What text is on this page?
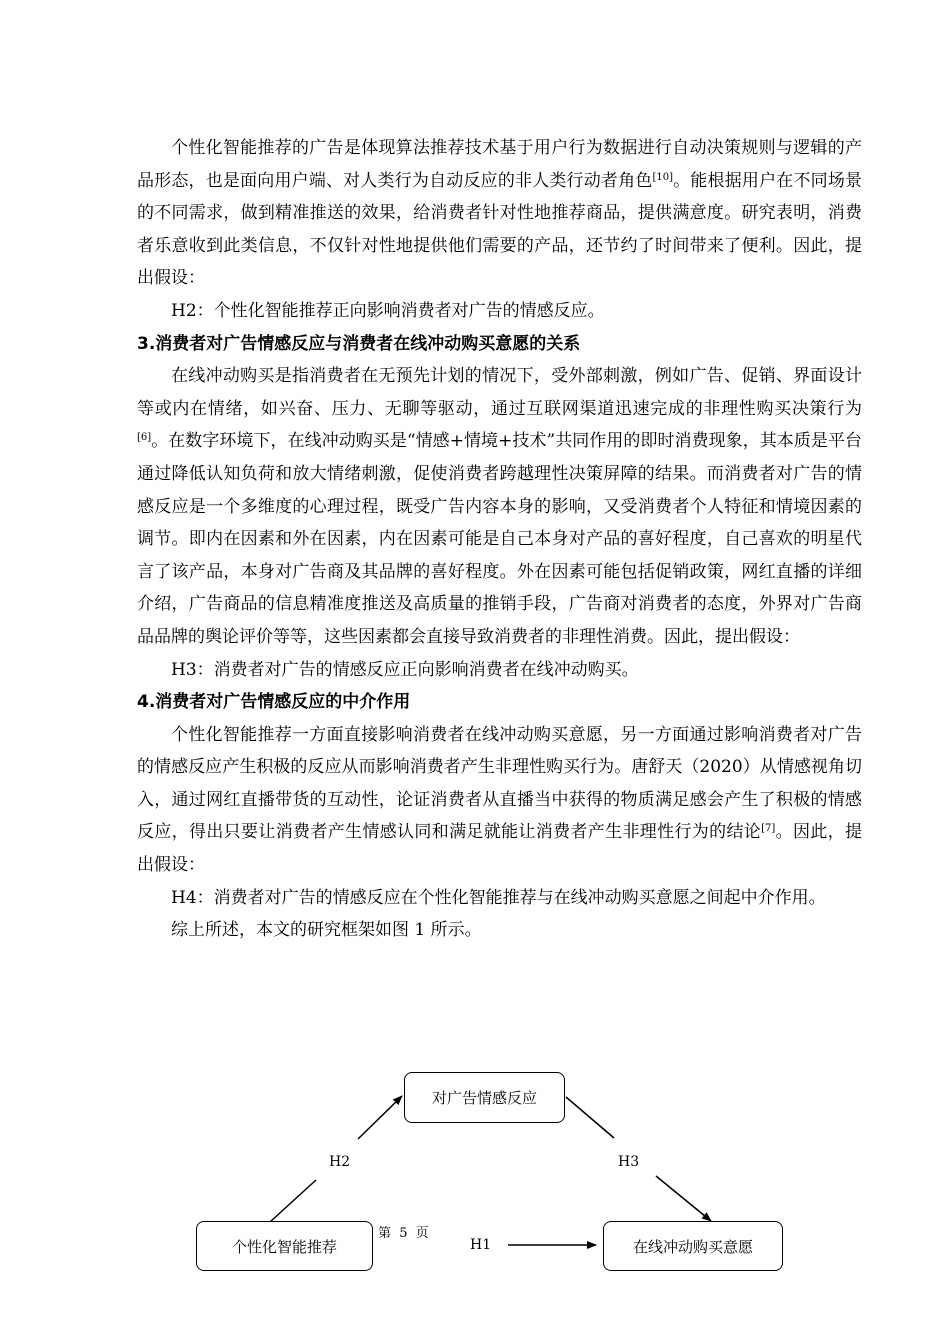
个性化智能推荐的广告是体现算法推荐技术基于用户行为数据进行自动决策规则与逻辑的产品形态，也是面向用户端、对人类行为自动反应的非人类行动者角色[10]。能根据用户在不同场景的不同需求，做到精准推送的效果，给消费者针对性地推荐商品，提供满意度。研究表明，消费者乐意收到此类信息，不仅针对性地提供他们需要的产品，还节约了时间带来了便利。因此，提出假设：

H2：个性化智能推荐正向影响消费者对广告的情感反应。

3.消费者对广告情感反应与消费者在线冲动购买意愿的关系

在线冲动购买是指消费者在无预先计划的情况下，受外部刺激，例如广告、促销、界面设计等或内在情绪，如兴奋、压力、无聊等驱动，通过互联网渠道迅速完成的非理性购买决策行为[6]。在数字环境下，在线冲动购买是“情感+情境+技术”共同作用的即时消费现象，其本质是平台通过降低认知负荷和放大情绪刺激，促使消费者跨越理性决策屏障的结果。而消费者对广告的情感反应是一个多维度的心理过程，既受广告内容本身的影响，又受消费者个人特征和情境因素的调节。即内在因素和外在因素，内在因素可能是自己本身对产品的喜好程度，自己喜欢的明星代言了该产品，本身对广告商及其品牌的喜好程度。外在因素可能包括促销政策，网红直播的详细介绍，广告商品的信息精准度推送及高质量的推销手段，广告商对消费者的态度，外界对广告商品品牌的舆论评价等等，这些因素都会直接导致消费者的非理性消费。因此，提出假设：

H3：消费者对广告的情感反应正向影响消费者在线冲动购买。

4.消费者对广告情感反应的中介作用

个性化智能推荐一方面直接影响消费者在线冲动购买意愿，另一方面通过影响消费者对广告的情感反应产生积极的反应从而影响消费者产生非理性购买行为。唐舒天（2020）从情感视角切入，通过网红直播带货的互动性，论证消费者从直播当中获得的物质满足感会产生了积极的情感反应，得出只要让消费者产生情感认同和满足就能让消费者产生非理性行为的结论[7]。因此，提出假设：

H4：消费者对广告的情感反应在个性化智能推荐与在线冲动购买意愿之间起中介作用。

综上所述，本文的研究框架如图 1 所示。

对广告情感反应
个性化智能推荐	在线冲动购买意愿
H2	H3
H1
第  5  页
